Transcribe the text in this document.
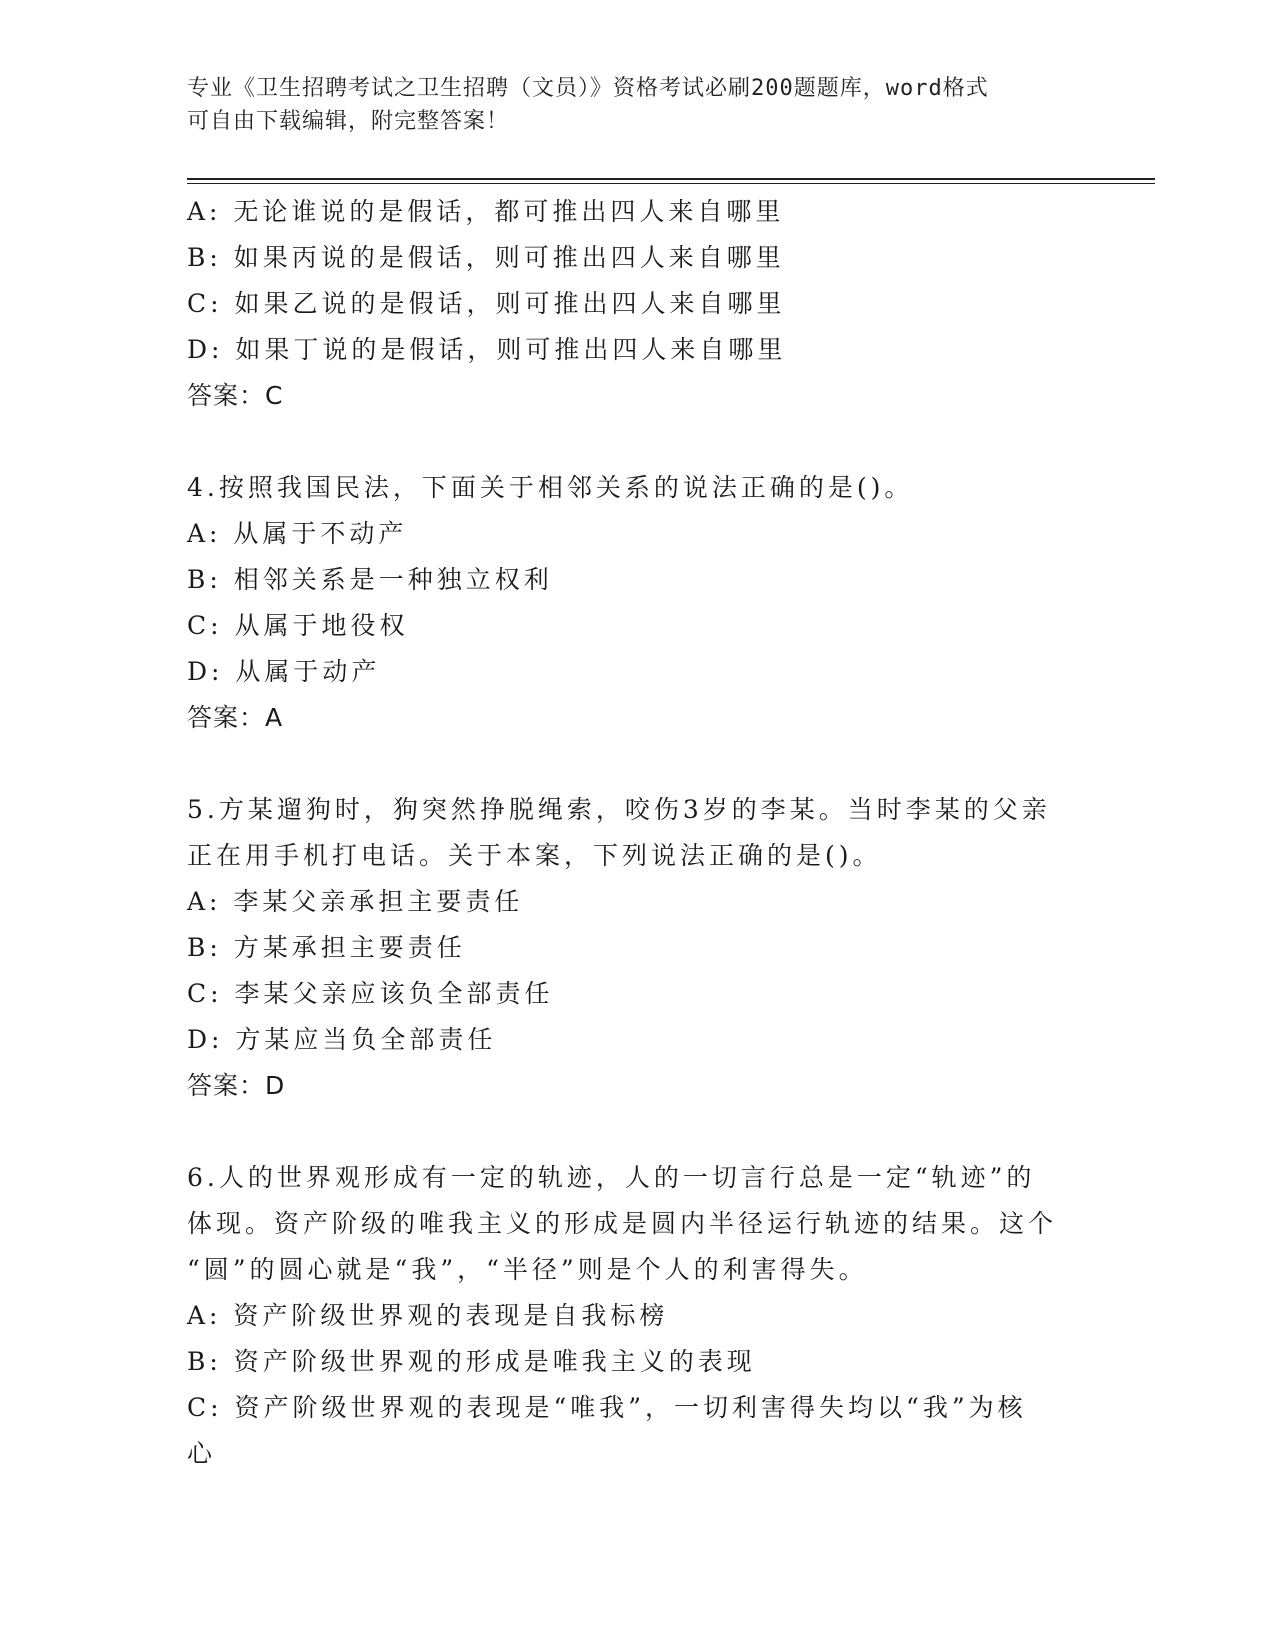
专业《卫生招聘考试之卫生招聘（文员）》资格考试必刷200题题库，word格式

可自由下载编辑，附完整答案！

A: 无论谁说的是假话，都可推出四人来自哪里

B: 如果丙说的是假话，则可推出四人来自哪里

C: 如果乙说的是假话，则可推出四人来自哪里

D: 如果丁说的是假话，则可推出四人来自哪里

答案：C

4.按照我国民法，下面关于相邻关系的说法正确的是()。

A: 从属于不动产

B: 相邻关系是一种独立权利

C: 从属于地役权

D: 从属于动产

答案：A

5.方某遛狗时，狗突然挣脱绳索，咬伤3岁的李某。当时李某的父亲

正在用手机打电话。关于本案，下列说法正确的是()。

A: 李某父亲承担主要责任

B: 方某承担主要责任

C: 李某父亲应该负全部责任

D: 方某应当负全部责任

答案：D

6.人的世界观形成有一定的轨迹，人的一切言行总是一定“轨迹”的

体现。资产阶级的唯我主义的形成是圆内半径运行轨迹的结果。这个

“圆”的圆心就是“我”，“半径”则是个人的利害得失。

A: 资产阶级世界观的表现是自我标榜

B: 资产阶级世界观的形成是唯我主义的表现

C: 资产阶级世界观的表现是“唯我”，一切利害得失均以“我”为核

心
